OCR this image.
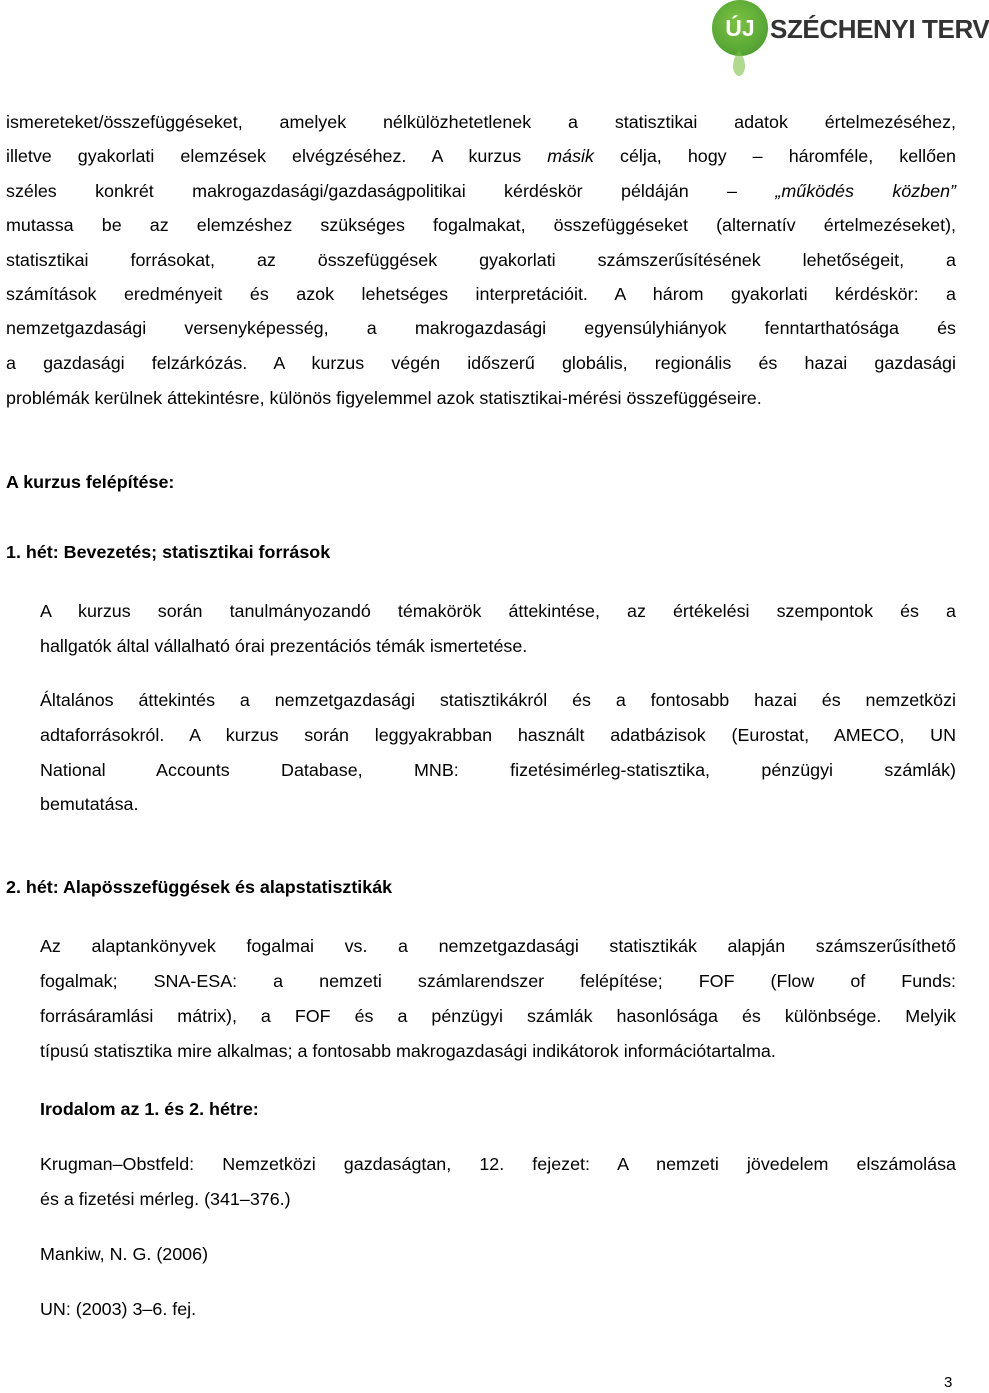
ÚJ SZÉCHENYI TERV
ismereteket/összefüggéseket, amelyek nélkülözhetetlenek a statisztikai adatok értelmezéséhez,
illetve gyakorlati elemzések elvégzéséhez. A kurzus másik célja, hogy – háromféle, kellően
széles konkrét makrogazdasági/gazdaságpolitikai kérdéskör példáján – „működés közben”
mutassa be az elemzéshez szükséges fogalmakat, összefüggéseket (alternatív értelmezéseket),
statisztikai forrásokat, az összefüggések gyakorlati számszerűsítésének lehetőségeit, a
számítások eredményeit és azok lehetséges interpretációit. A három gyakorlati kérdéskör: a
nemzetgazdasági versenyképesség, a makrogazdasági egyensúlyhiányok fenntarthatósága és
a gazdasági felzárkózás. A kurzus végén időszerű globális, regionális és hazai gazdasági
problémák kerülnek áttekintésre, különös figyelemmel azok statisztikai-mérési összefüggéseire.
A kurzus felépítése:
1. hét: Bevezetés; statisztikai források
A kurzus során tanulmányozandó témakörök áttekintése, az értékelési szempontok és a
hallgatók által vállalható órai prezentációs témák ismertetése.
Általános áttekintés a nemzetgazdasági statisztikákról és a fontosabb hazai és nemzetközi
adtaforrásokról. A kurzus során leggyakrabban használt adatbázisok (Eurostat, AMECO, UN
National Accounts Database, MNB: fizetésimérleg-statisztika, pénzügyi számlák)
bemutatása.
2. hét: Alapösszefüggések és alapstatisztikák
Az alaptankönyvek fogalmai vs. a nemzetgazdasági statisztikák alapján számszerűsíthető
fogalmak; SNA-ESA: a nemzeti számlarendszer felépítése; FOF (Flow of Funds:
forrásáramlási mátrix), a FOF és a pénzügyi számlák hasonlósága és különbsége. Melyik
típusú statisztika mire alkalmas; a fontosabb makrogazdasági indikátorok információtartalma.
Irodalom az 1. és 2. hétre:
Krugman–Obstfeld: Nemzetközi gazdaságtan, 12. fejezet: A nemzeti jövedelem elszámolása
és a fizetési mérleg. (341–376.)
Mankiw, N. G. (2006)
UN: (2003) 3–6. fej.
3
